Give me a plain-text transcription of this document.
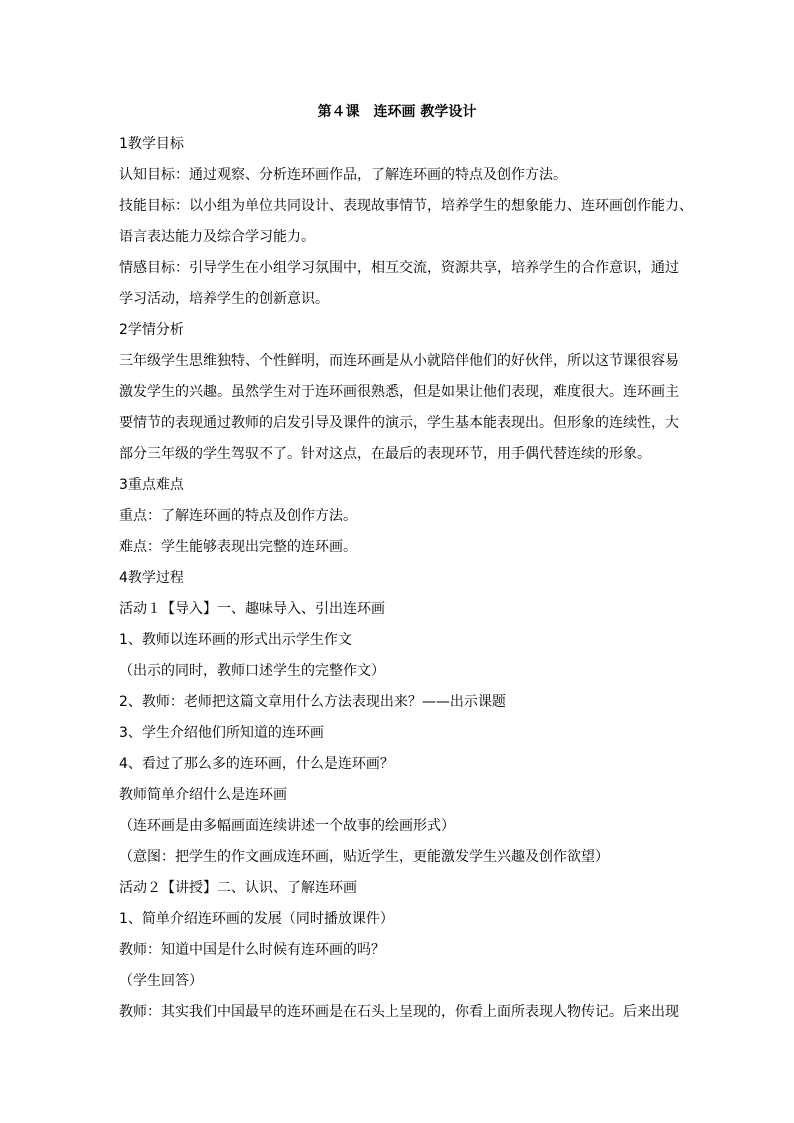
第４课　连环画 教学设计
1教学目标
认知目标：通过观察、分析连环画作品，了解连环画的特点及创作方法。
技能目标：以小组为单位共同设计、表现故事情节，培养学生的想象能力、连环画创作能力、
语言表达能力及综合学习能力。
情感目标：引导学生在小组学习氛围中，相互交流，资源共享，培养学生的合作意识，通过
学习活动，培养学生的创新意识。
2学情分析
三年级学生思维独特、个性鲜明，而连环画是从小就陪伴他们的好伙伴，所以这节课很容易
激发学生的兴趣。虽然学生对于连环画很熟悉，但是如果让他们表现，难度很大。连环画主
要情节的表现通过教师的启发引导及课件的演示，学生基本能表现出。但形象的连续性，大
部分三年级的学生驾驭不了。针对这点，在最后的表现环节，用手偶代替连续的形象。
3重点难点
重点：了解连环画的特点及创作方法。
难点：学生能够表现出完整的连环画。
4教学过程
活动１【导入】一、趣味导入、引出连环画
1、教师以连环画的形式出示学生作文
（出示的同时，教师口述学生的完整作文）
2、教师：老师把这篇文章用什么方法表现出来？——出示课题
3、学生介绍他们所知道的连环画
4、看过了那么多的连环画，什么是连环画？
教师简单介绍什么是连环画
（连环画是由多幅画面连续讲述一个故事的绘画形式）
（意图：把学生的作文画成连环画，贴近学生，更能激发学生兴趣及创作欲望）
活动２【讲授】二、认识、了解连环画
1、简单介绍连环画的发展（同时播放课件）
教师：知道中国是什么时候有连环画的吗？
（学生回答）
教师：其实我们中国最早的连环画是在石头上呈现的，你看上面所表现人物传记。后来出现
